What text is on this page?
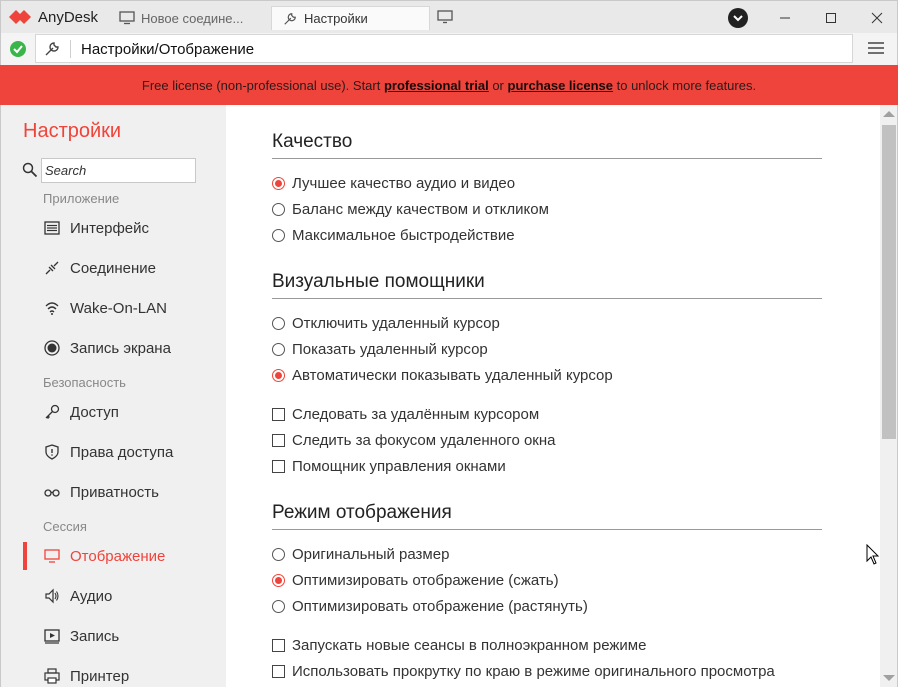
AnyDesk	Новое соедине...	Настройки
Настройки/Отображение
Free license (non-professional use). Start professional trial or purchase license to unlock more features.
Настройки
Search
Приложение
Интерфейс
Соединение
Wake-On-LAN
Запись экрана
Безопасность
Доступ
Права доступа
Приватность
Сессия
Отображение
Аудио
Запись
Принтер
Качество
Лучшее качество аудио и видео
Баланс между качеством и откликом
Максимальное быстродействие
Визуальные помощники
Отключить удаленный курсор
Показать удаленный курсор
Автоматически показывать удаленный курсор
Следовать за удалённым курсором
Следить за фокусом удаленного окна
Помощник управления окнами
Режим отображения
Оригинальный размер
Оптимизировать отображение (сжать)
Оптимизировать отображение (растянуть)
Запускать новые сеансы в полноэкранном режиме
Использовать прокрутку по краю в режиме оригинального просмотра
